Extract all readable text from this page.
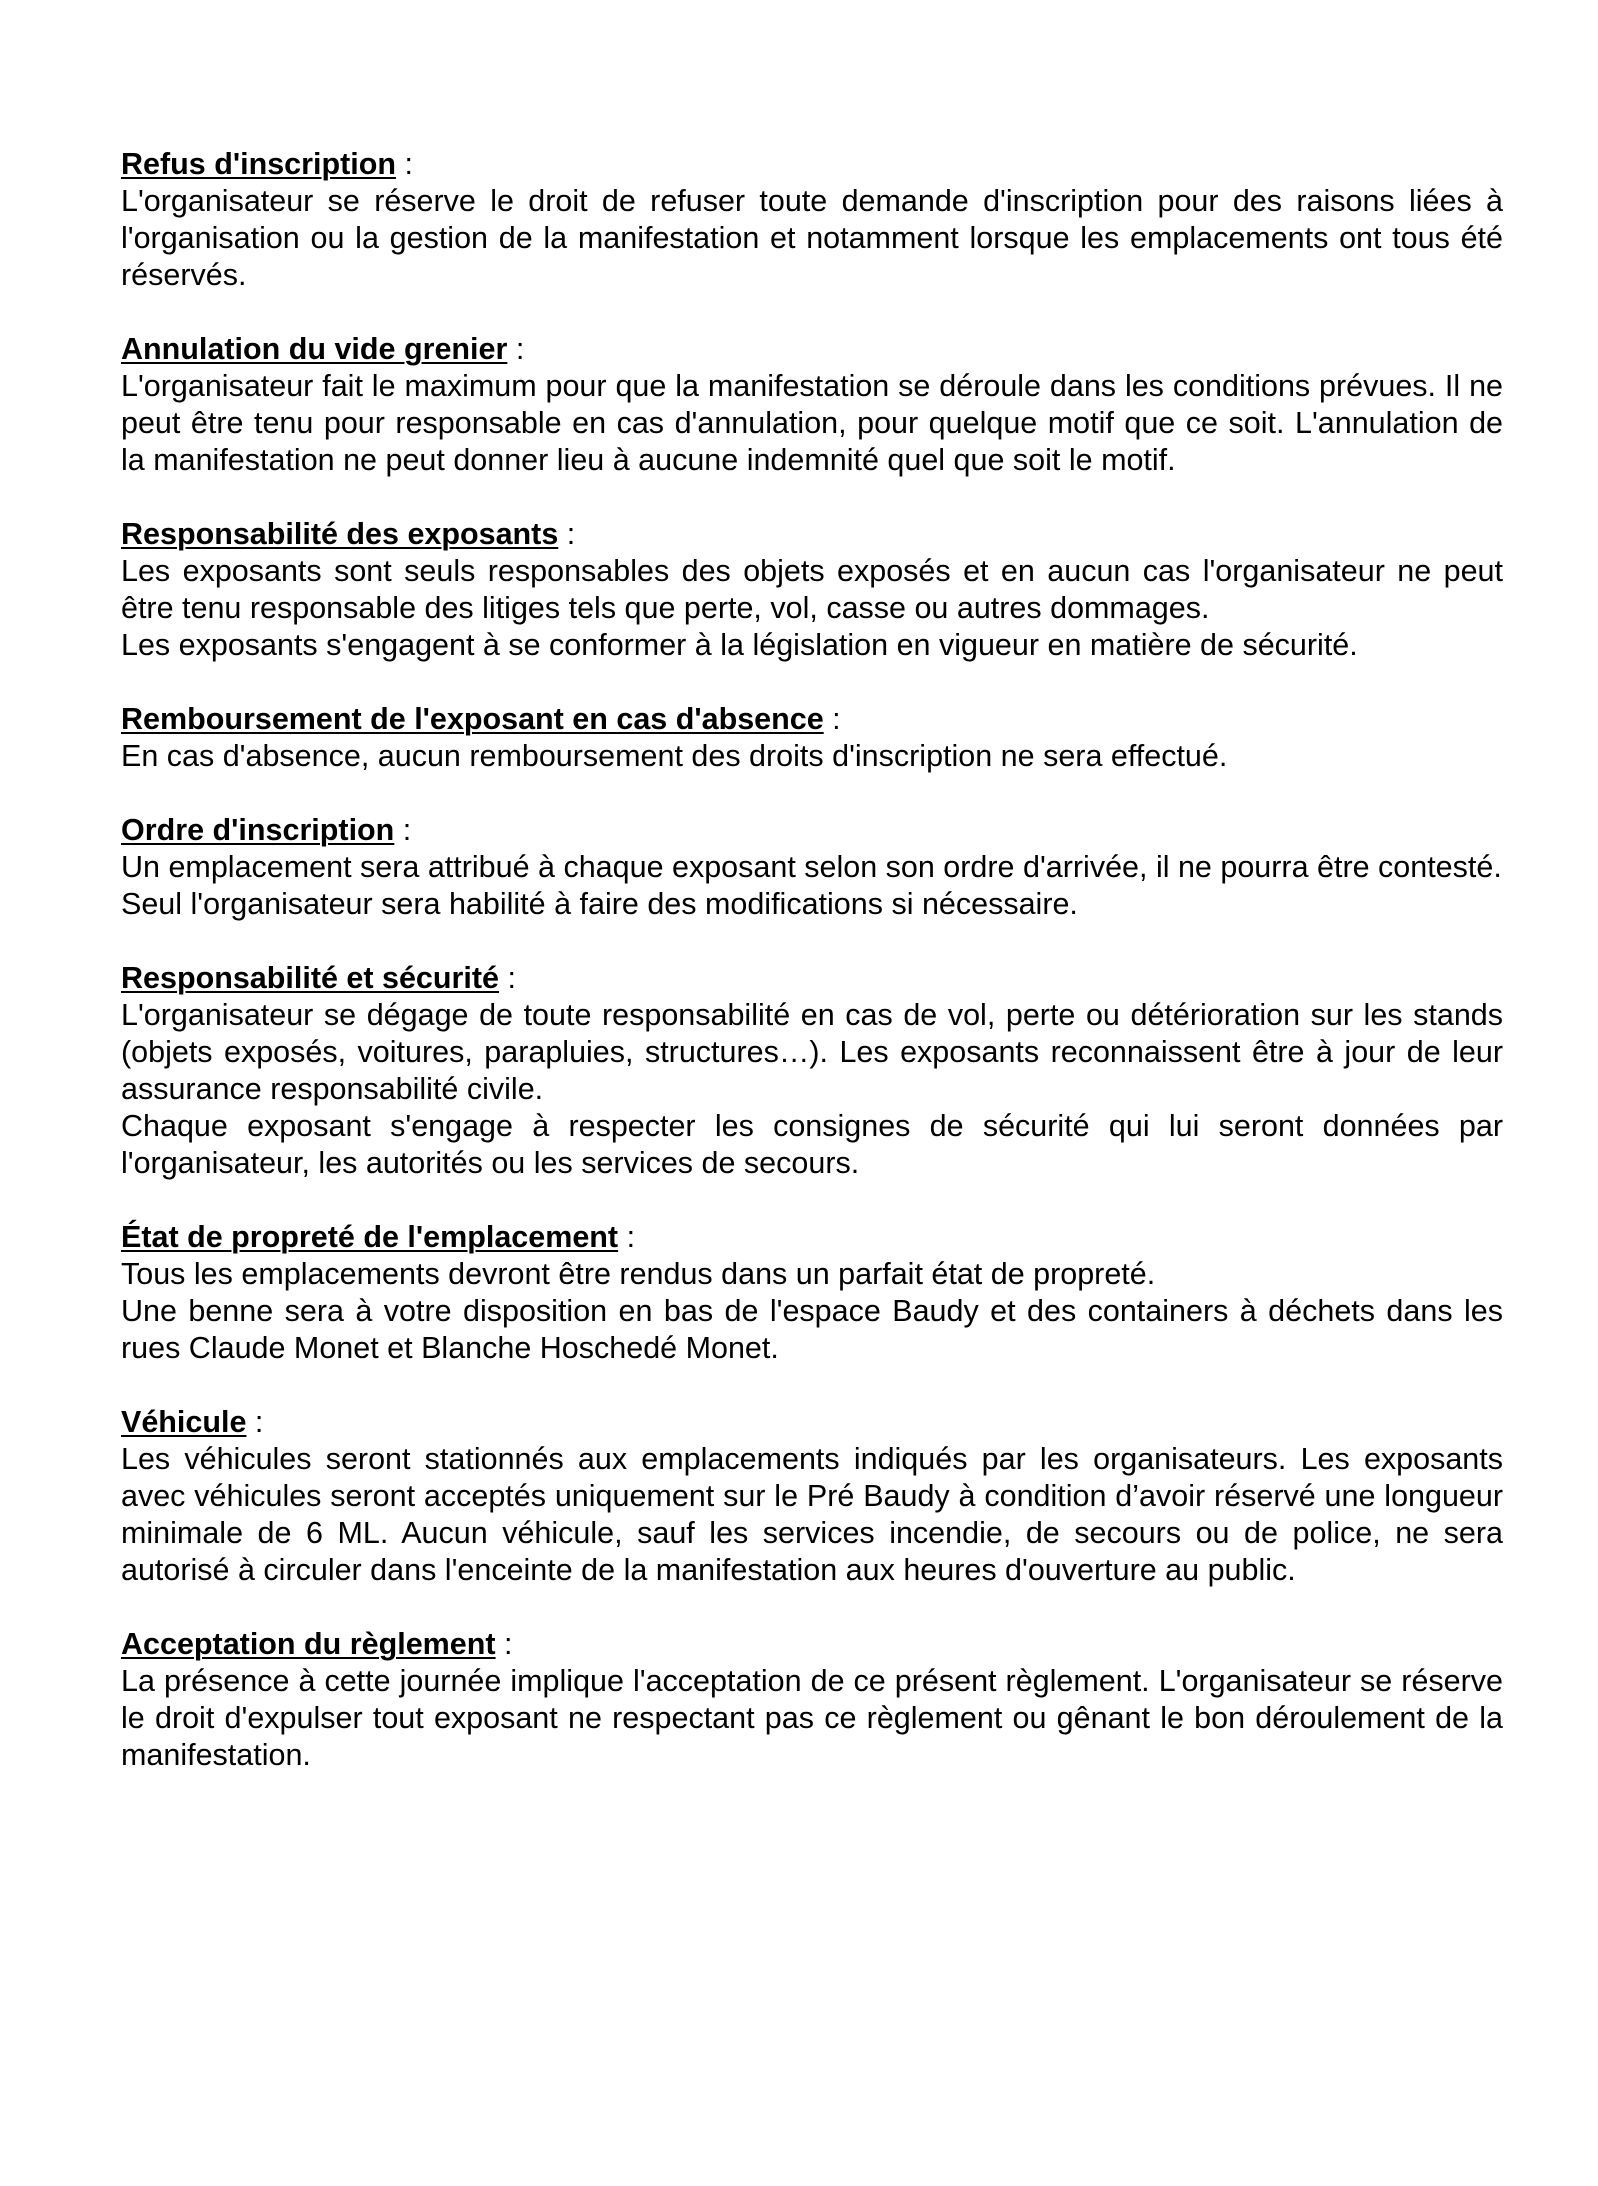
Refus d'inscription :

L'organisateur se réserve le droit de refuser toute demande d'inscription pour des raisons liées à l'organisation ou la gestion de la manifestation et notamment lorsque les emplacements ont tous été réservés.

Annulation du vide grenier :

L'organisateur fait le maximum pour que la manifestation se déroule dans les conditions prévues. Il ne peut être tenu pour responsable en cas d'annulation, pour quelque motif que ce soit. L'annulation de la manifestation ne peut donner lieu à aucune indemnité quel que soit le motif.

Responsabilité des exposants :

Les exposants sont seuls responsables des objets exposés et en aucun cas l'organisateur ne peut être tenu responsable des litiges tels que perte, vol, casse ou autres dommages.

Les exposants s'engagent à se conformer à la législation en vigueur en matière de sécurité.

Remboursement de l'exposant en cas d'absence :

En cas d'absence, aucun remboursement des droits d'inscription ne sera effectué.

Ordre d'inscription :

Un emplacement sera attribué à chaque exposant selon son ordre d'arrivée, il ne pourra être contesté.

Seul l'organisateur sera habilité à faire des modifications si nécessaire.

Responsabilité et sécurité :

L'organisateur se dégage de toute responsabilité en cas de vol, perte ou détérioration sur les stands (objets exposés, voitures, parapluies, structures…). Les exposants reconnaissent être à jour de leur assurance responsabilité civile.

Chaque exposant s'engage à respecter les consignes de sécurité qui lui seront données par l'organisateur, les autorités ou les services de secours.

État de propreté de l'emplacement :

Tous les emplacements devront être rendus dans un parfait état de propreté.

Une benne sera à votre disposition en bas de l'espace Baudy et des containers à déchets dans les rues Claude Monet et Blanche Hoschedé Monet.

Véhicule :

Les véhicules seront stationnés aux emplacements indiqués par les organisateurs. Les exposants avec véhicules seront acceptés uniquement sur le Pré Baudy à condition d’avoir réservé une longueur minimale de 6 ML. Aucun véhicule, sauf les services incendie, de secours ou de police, ne sera autorisé à circuler dans l'enceinte de la manifestation aux heures d'ouverture au public.

Acceptation du règlement :

La présence à cette journée implique l'acceptation de ce présent règlement. L'organisateur se réserve le droit d'expulser tout exposant ne respectant pas ce règlement ou gênant le bon déroulement de la manifestation.
